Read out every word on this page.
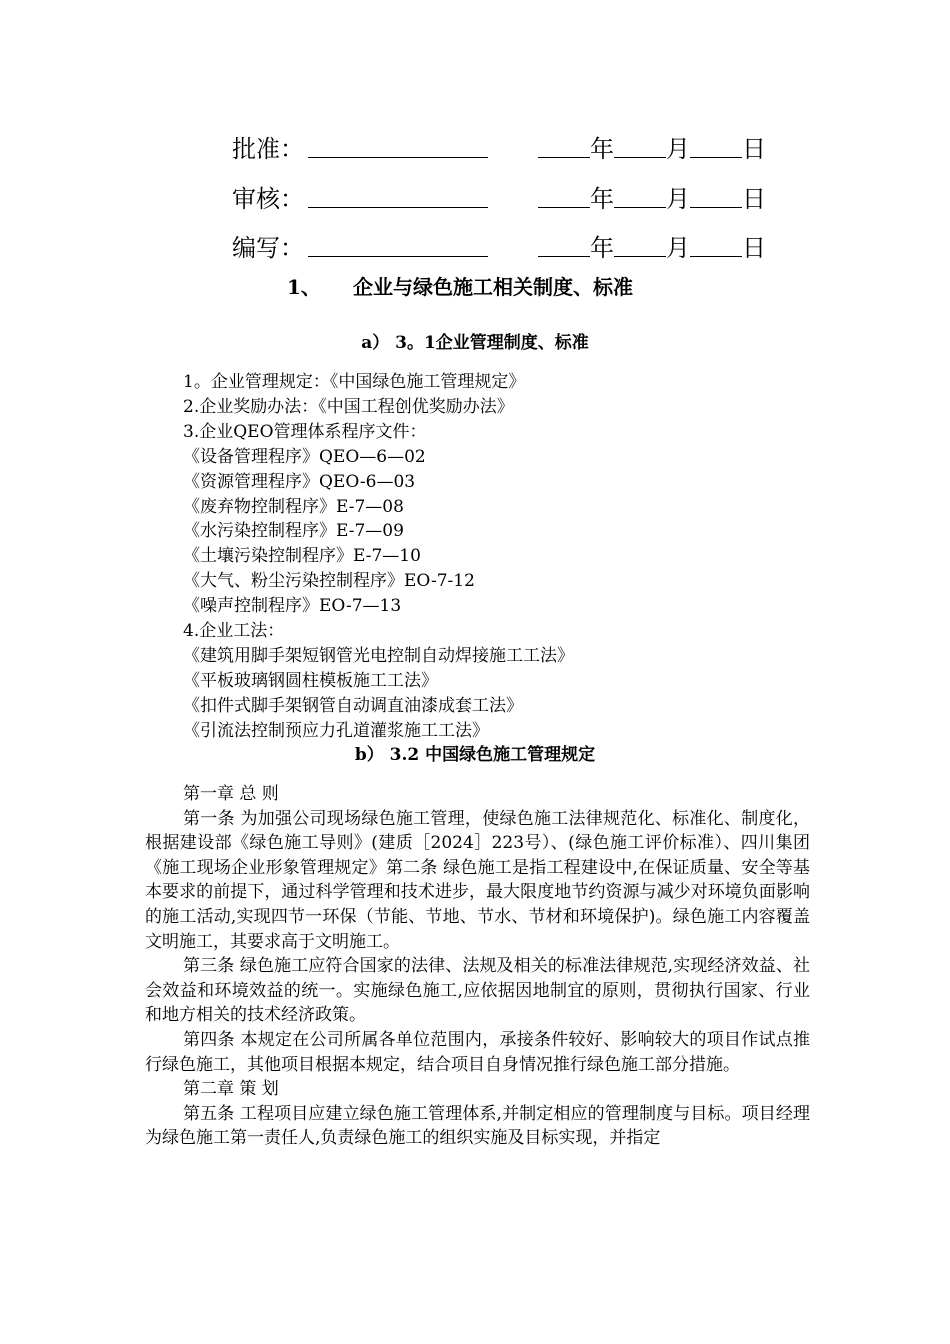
批准：	年 月 日
审核：	年 月 日
编写：	年 月 日
1、 企业与绿色施工相关制度、标准
a） 3。1企业管理制度、标准
1。企业管理规定：《中国绿色施工管理规定》
2.企业奖励办法：《中国工程创优奖励办法》
3.企业QEO管理体系程序文件：
《设备管理程序》QEO—6—02
《资源管理程序》QEO-6—03
《废弃物控制程序》E-7—08
《水污染控制程序》E-7—09
《土壤污染控制程序》E-7—10
《大气、粉尘污染控制程序》EO-7-12
《噪声控制程序》EO-7—13
4.企业工法：
《建筑用脚手架短钢管光电控制自动焊接施工工法》
《平板玻璃钢圆柱模板施工工法》
《扣件式脚手架钢管自动调直油漆成套工法》
《引流法控制预应力孔道灌浆施工工法》
b） 3.2 中国绿色施工管理规定

第一章 总 则

第一条 为加强公司现场绿色施工管理，使绿色施工法律规范化、标准化、制度化，根据建设部《绿色施工导则》(建质［2024］223号）、(绿色施工评价标准）、四川集团《施工现场企业形象管理规定》第二条 绿色施工是指工程建设中,在保证质量、安全等基本要求的前提下，通过科学管理和技术进步，最大限度地节约资源与减少对环境负面影响的施工活动,实现四节一环保（节能、节地、节水、节材和环境保护)。绿色施工内容覆盖文明施工，其要求高于文明施工。

第三条 绿色施工应符合国家的法律、法规及相关的标准法律规范,实现经济效益、社会效益和环境效益的统一。实施绿色施工,应依据因地制宜的原则，贯彻执行国家、行业和地方相关的技术经济政策。

第四条 本规定在公司所属各单位范围内，承接条件较好、影响较大的项目作试点推行绿色施工，其他项目根据本规定，结合项目自身情况推行绿色施工部分措施。

第二章 策 划

第五条 工程项目应建立绿色施工管理体系,并制定相应的管理制度与目标。项目经理为绿色施工第一责任人,负责绿色施工的组织实施及目标实现，并指定
